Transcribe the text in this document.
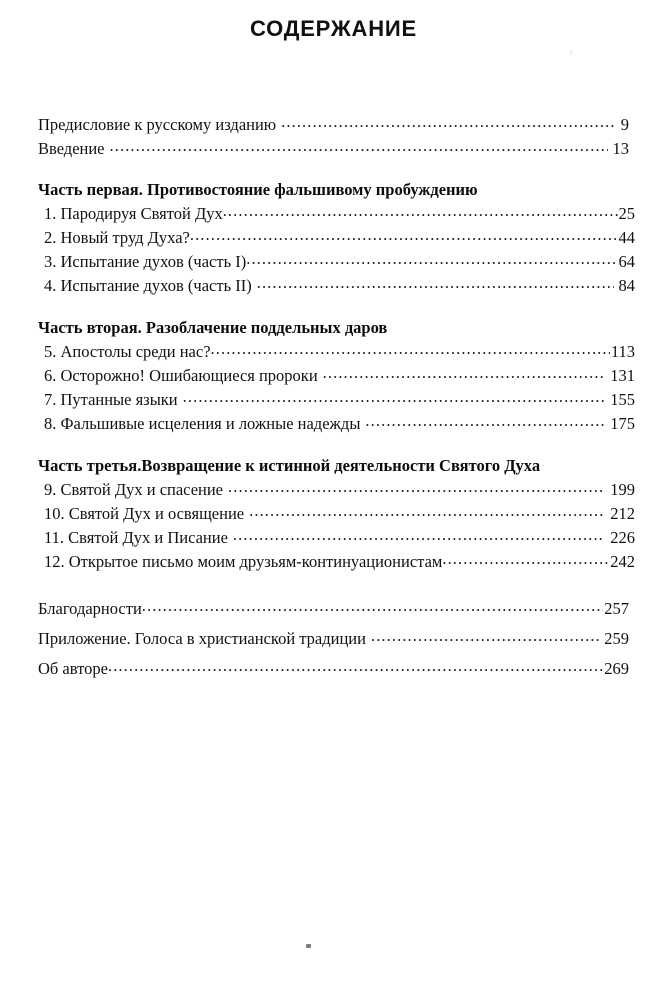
СОДЕРЖАНИЕ
Предисловие к русскому изданию .....	9
Введение .....	13
Часть первая. Противостояние фальшивому пробуждению
1. Пародируя Святой Дух .....	25
2. Новый труд Духа? .....	44
3. Испытание духов (часть I) .....	64
4. Испытание духов (часть II) .....	84
Часть вторая. Разоблачение поддельных даров
5. Апостолы среди нас? .....	113
6. Осторожно! Ошибающиеся пророки .....	131
7. Путанные языки .....	155
8. Фальшивые исцеления и ложные надежды .....	175
Часть третья.Возвращение к истинной деятельности Святого Духа
9. Святой Дух и спасение .....	199
10. Святой Дух и освящение .....	212
11. Святой Дух и Писание .....	226
12. Открытое письмо моим друзьям-континуационистам .....	242
Благодарности .....	257
Приложение. Голоса в христианской традиции .....	259
Об авторе .....	269
